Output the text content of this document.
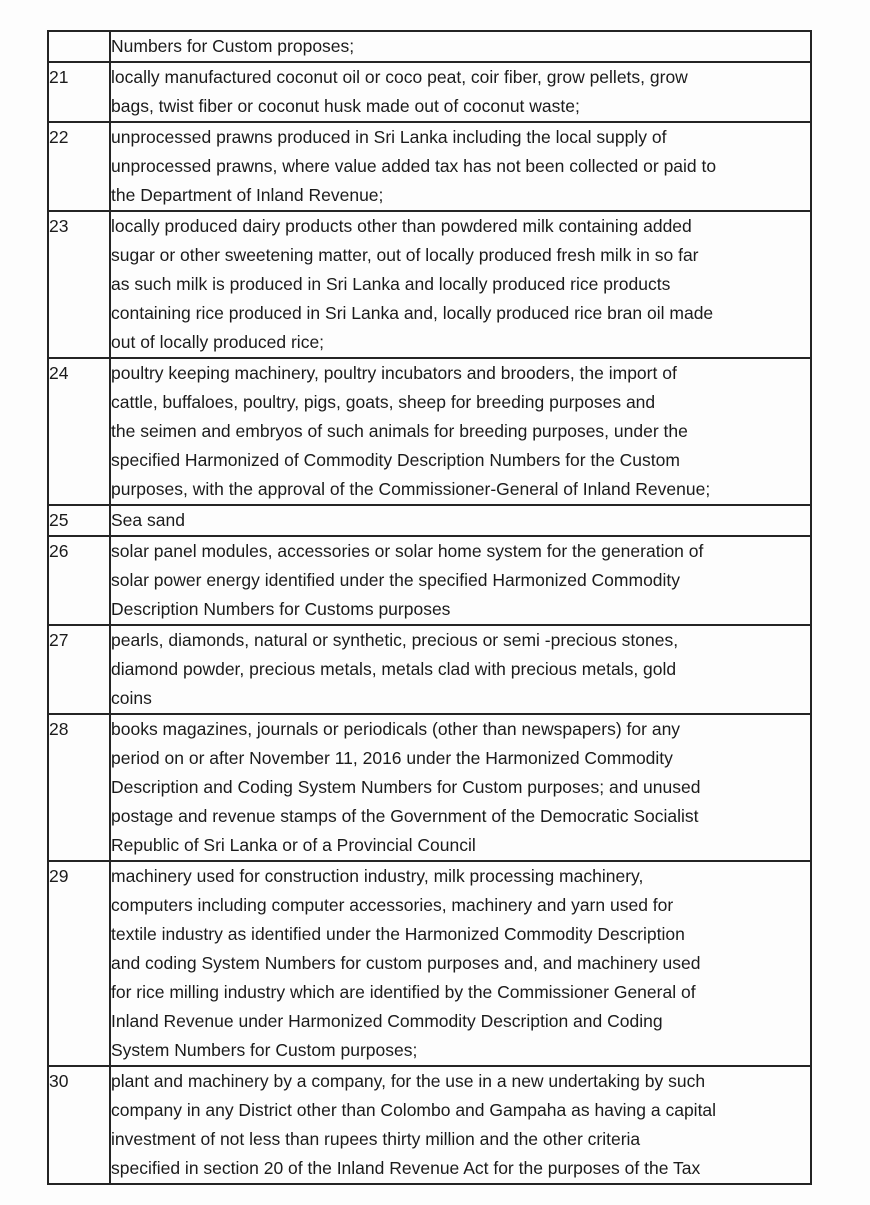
	Numbers for Custom proposes;

21	locally manufactured coconut oil or coco peat, coir fiber, grow pellets, grow
bags, twist fiber or coconut husk made out of coconut waste;

22	unprocessed prawns produced in Sri Lanka including the local supply of
unprocessed prawns, where value added tax has not been collected or paid to
the Department of Inland Revenue;

23	locally produced dairy products other than powdered milk containing added
sugar or other sweetening matter, out of locally produced fresh milk in so far
as such milk is produced in Sri Lanka and locally produced rice products
containing rice produced in Sri Lanka and, locally produced rice bran oil made
out of locally produced rice;

24	poultry keeping machinery, poultry incubators and brooders, the import of
cattle, buffaloes, poultry, pigs, goats, sheep for breeding purposes and
the seimen and embryos of such animals for breeding purposes, under the
specified Harmonized of Commodity Description Numbers for the Custom
purposes, with the approval of the Commissioner-General of Inland Revenue;

25	Sea sand

26	solar panel modules, accessories or solar home system for the generation of
solar power energy identified under the specified Harmonized Commodity
Description Numbers for Customs purposes

27	pearls, diamonds, natural or synthetic, precious or semi -precious stones,
diamond powder, precious metals, metals clad with precious metals, gold
coins

28	books magazines, journals or periodicals (other than newspapers) for any
period on or after November 11, 2016 under the Harmonized Commodity
Description and Coding System Numbers for Custom purposes; and unused
postage and revenue stamps of the Government of the Democratic Socialist
Republic of Sri Lanka or of a Provincial Council

29	machinery used for construction industry, milk processing machinery,
computers including computer accessories, machinery and yarn used for
textile industry as identified under the Harmonized Commodity Description
and coding System Numbers for custom purposes and, and machinery used
for rice milling industry which are identified by the Commissioner General of
Inland Revenue under Harmonized Commodity Description and Coding
System Numbers for Custom purposes;

30	plant and machinery by a company, for the use in a new undertaking by such
company in any District other than Colombo and Gampaha as having a capital
investment of not less than rupees thirty million and the other criteria
specified in section 20 of the Inland Revenue Act for the purposes of the Tax
